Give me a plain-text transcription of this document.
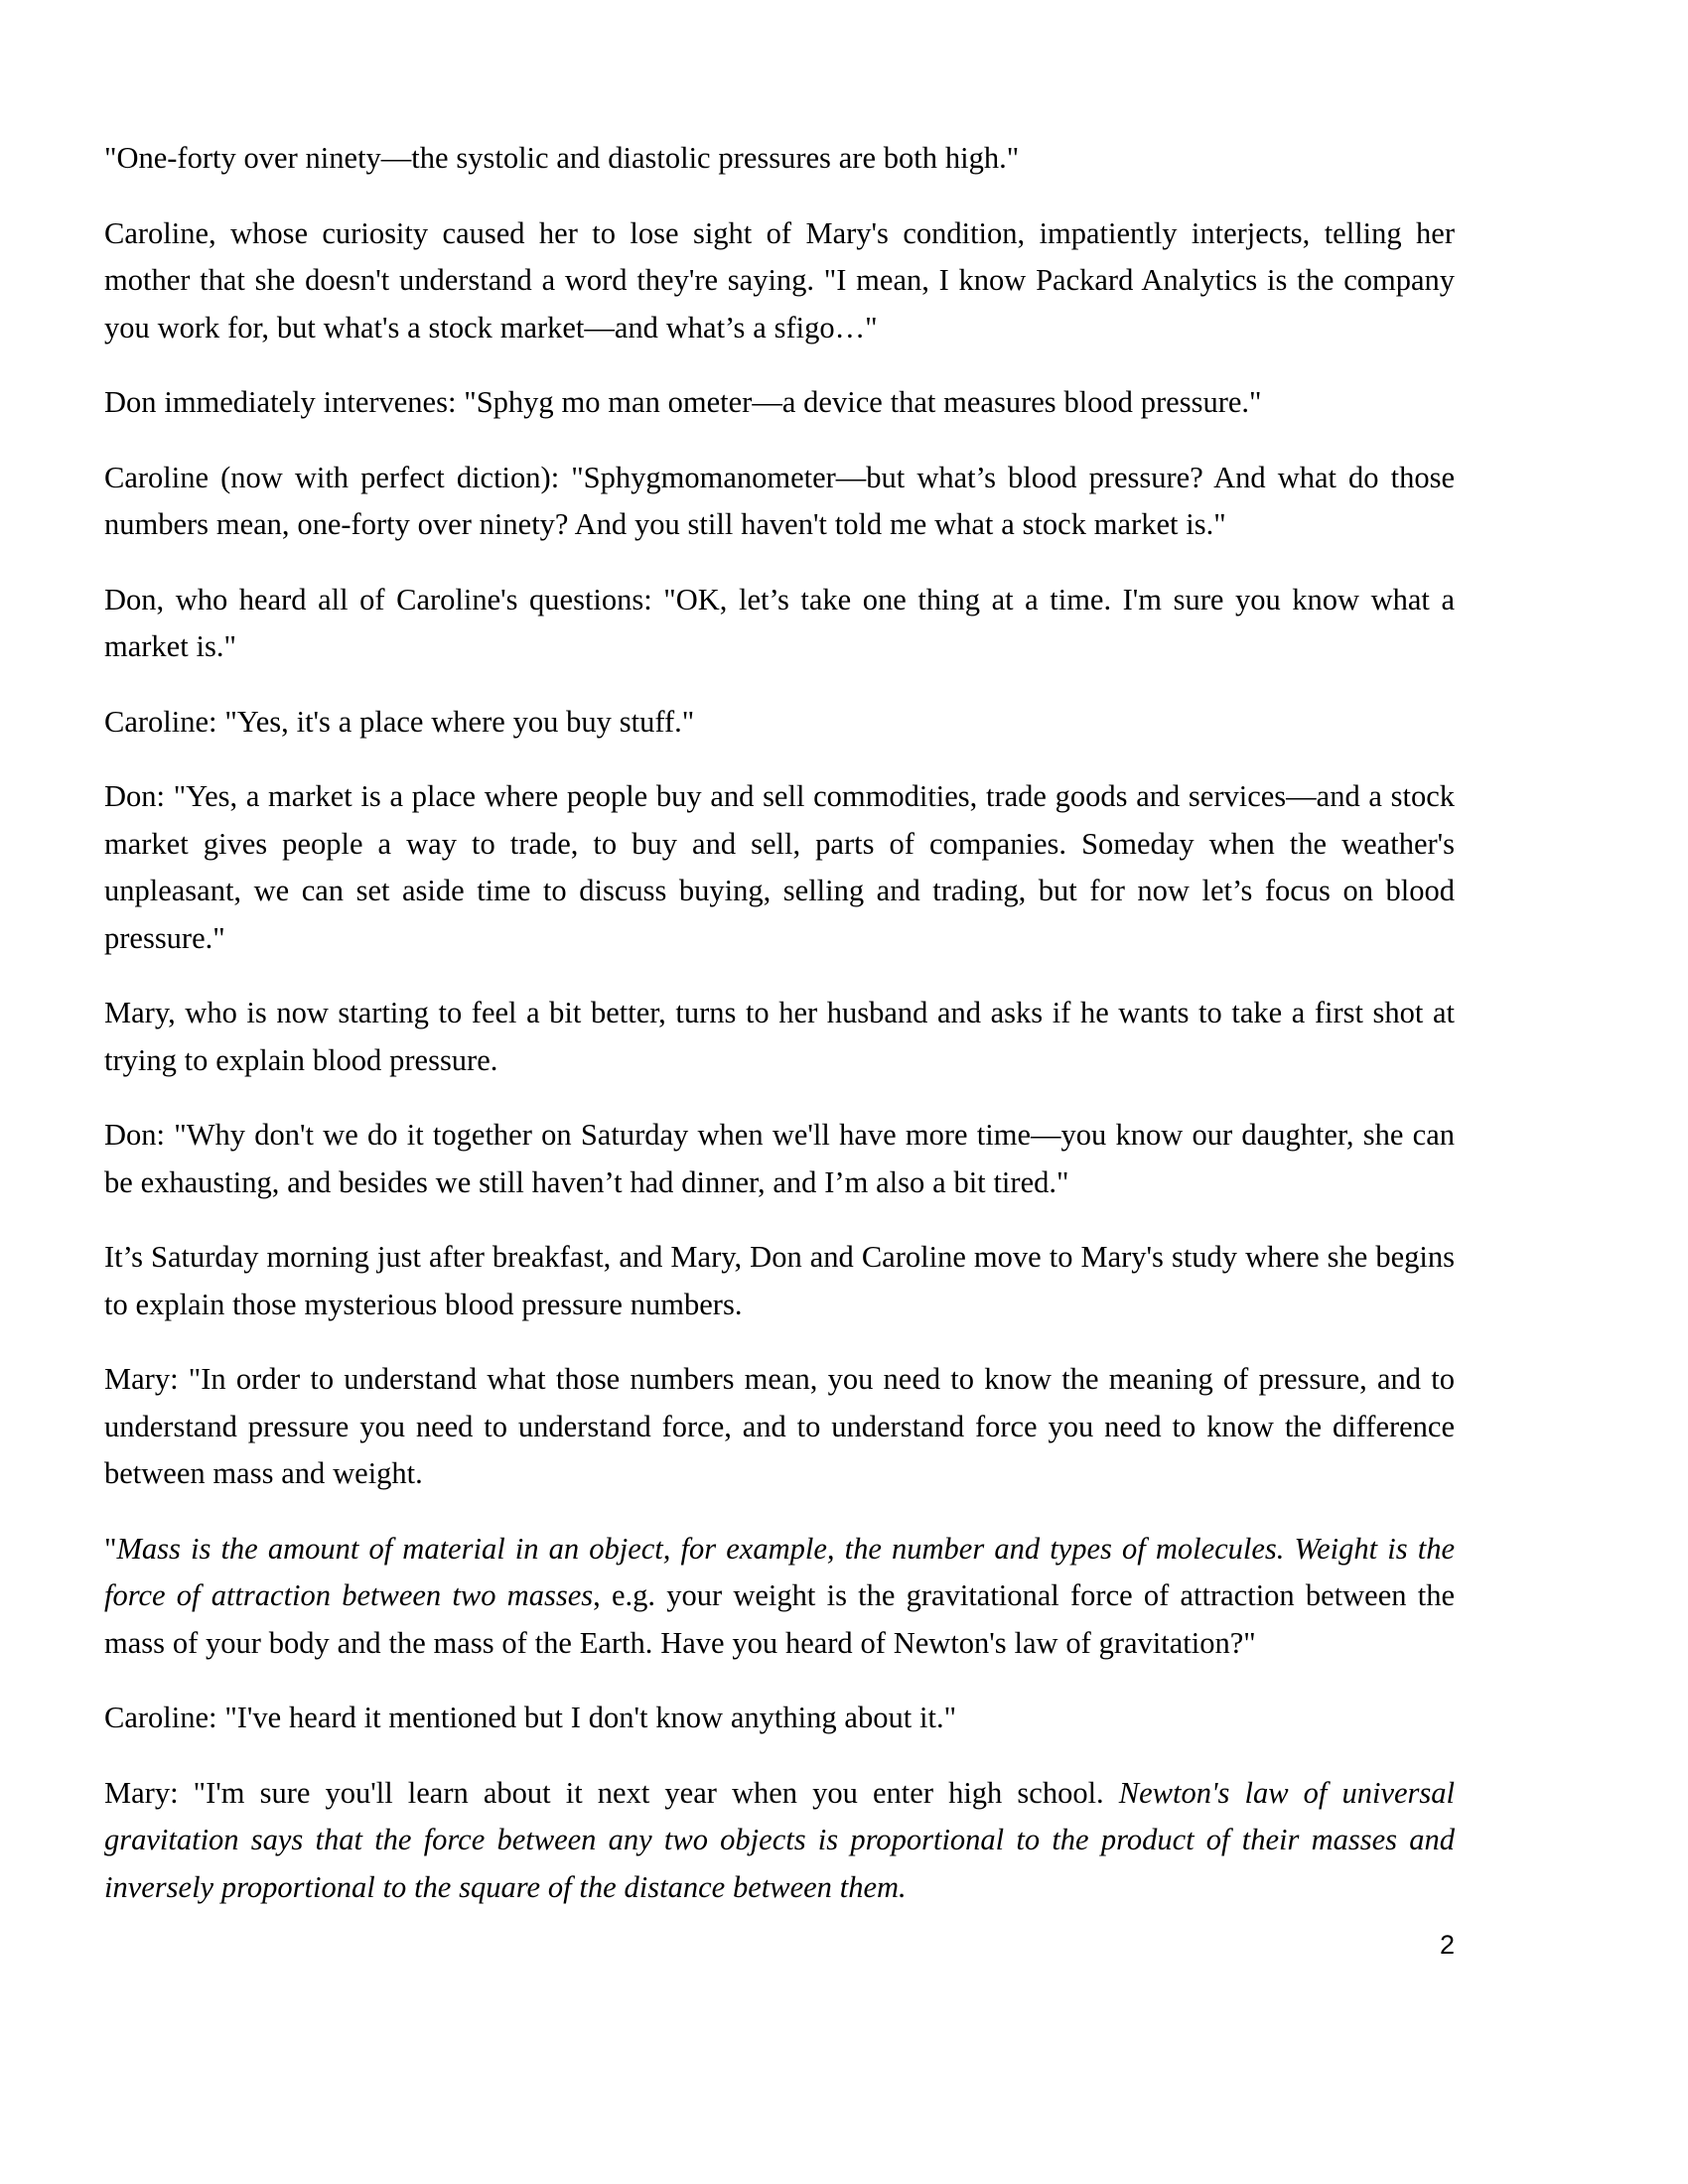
"One-forty over ninety—the systolic and diastolic pressures are both high."

Caroline, whose curiosity caused her to lose sight of Mary's condition, impatiently interjects, telling her mother that she doesn't understand a word they're saying. "I mean, I know Packard Analytics is the company you work for, but what's a stock market—and what’s a sfigo…"

Don immediately intervenes: "Sphyg mo man ometer—a device that measures blood pressure."

Caroline (now with perfect diction): "Sphygmomanometer—but what’s blood pressure? And what do those numbers mean, one-forty over ninety? And you still haven't told me what a stock market is."

Don, who heard all of Caroline's questions: "OK, let’s take one thing at a time. I'm sure you know what a market is."

Caroline: "Yes, it's a place where you buy stuff."

Don: "Yes, a market is a place where people buy and sell commodities, trade goods and services—and a stock market gives people a way to trade, to buy and sell, parts of companies. Someday when the weather's unpleasant, we can set aside time to discuss buying, selling and trading, but for now let’s focus on blood pressure."

Mary, who is now starting to feel a bit better, turns to her husband and asks if he wants to take a first shot at trying to explain blood pressure.

Don: "Why don't we do it together on Saturday when we'll have more time—you know our daughter, she can be exhausting, and besides we still haven’t had dinner, and I’m also a bit tired."

It’s Saturday morning just after breakfast, and Mary, Don and Caroline move to Mary's study where she begins to explain those mysterious blood pressure numbers.

Mary: "In order to understand what those numbers mean, you need to know the meaning of pressure, and to understand pressure you need to understand force, and to understand force you need to know the difference between mass and weight.

"Mass is the amount of material in an object, for example, the number and types of molecules. Weight is the force of attraction between two masses, e.g. your weight is the gravitational force of attraction between the mass of your body and the mass of the Earth. Have you heard of Newton's law of gravitation?"

Caroline: "I've heard it mentioned but I don't know anything about it."

Mary: "I'm sure you'll learn about it next year when you enter high school. Newton's law of universal gravitation says that the force between any two objects is proportional to the product of their masses and inversely proportional to the square of the distance between them.

2
